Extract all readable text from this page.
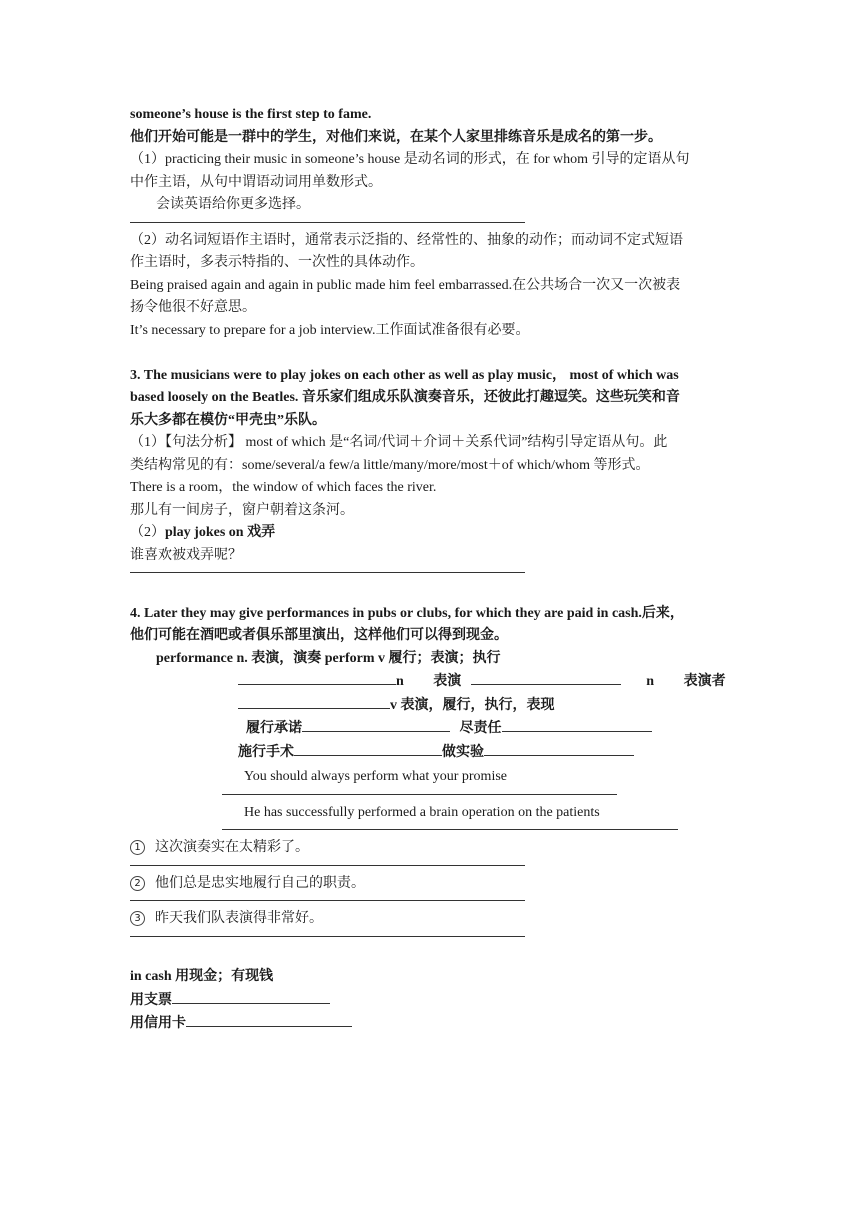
someone’s house is the first step to fame.

他们开始可能是一群中的学生，对他们来说，在某个人家里排练音乐是成名的第一步。

（1）practicing their music in someone’s house 是动名词的形式，在 for whom 引导的定语从句

中作主语，从句中谓语动词用单数形式。

会读英语给你更多选择。

（2）动名词短语作主语时，通常表示泛指的、经常性的、抽象的动作；而动词不定式短语

作主语时，多表示特指的、一次性的具体动作。

Being praised again and again in public made him feel embarrassed.在公共场合一次又一次被表

扬令他很不好意思。

It’s necessary to prepare for a job interview.工作面试准备很有必要。

3. The musicians were to play jokes on each other as well as play music， most of which was

based loosely on the Beatles. 音乐家们组成乐队演奏音乐，还彼此打趣逗笑。这些玩笑和音

乐大多都在模仿“甲壳虫”乐队。

（1）【句法分析】 most of which 是“名词/代词＋介词＋关系代词”结构引导定语从句。此

类结构常见的有：some/several/a few/a little/many/more/most＋of which/whom 等形式。

There is a room，the window of which faces the river.

那儿有一间房子，窗户朝着这条河。

（2）play jokes on 戏弄

谁喜欢被戏弄呢？

4. Later they may give performances in pubs or clubs, for which they are paid in cash.后来，

他们可能在酒吧或者俱乐部里演出，这样他们可以得到现金。

performance n. 表演，演奏 perform v 履行；表演；执行

n 表演	n 表演者

v 表演，履行，执行，表现

履行承诺	尽责任

施行手术	做实验

You should always perform what your promise

He has successfully performed a brain operation on the patients

1 这次演奏实在太精彩了。

2 他们总是忠实地履行自己的职责。

3 昨天我们队表演得非常好。

in cash 用现金；有现钱

用支票

用信用卡
